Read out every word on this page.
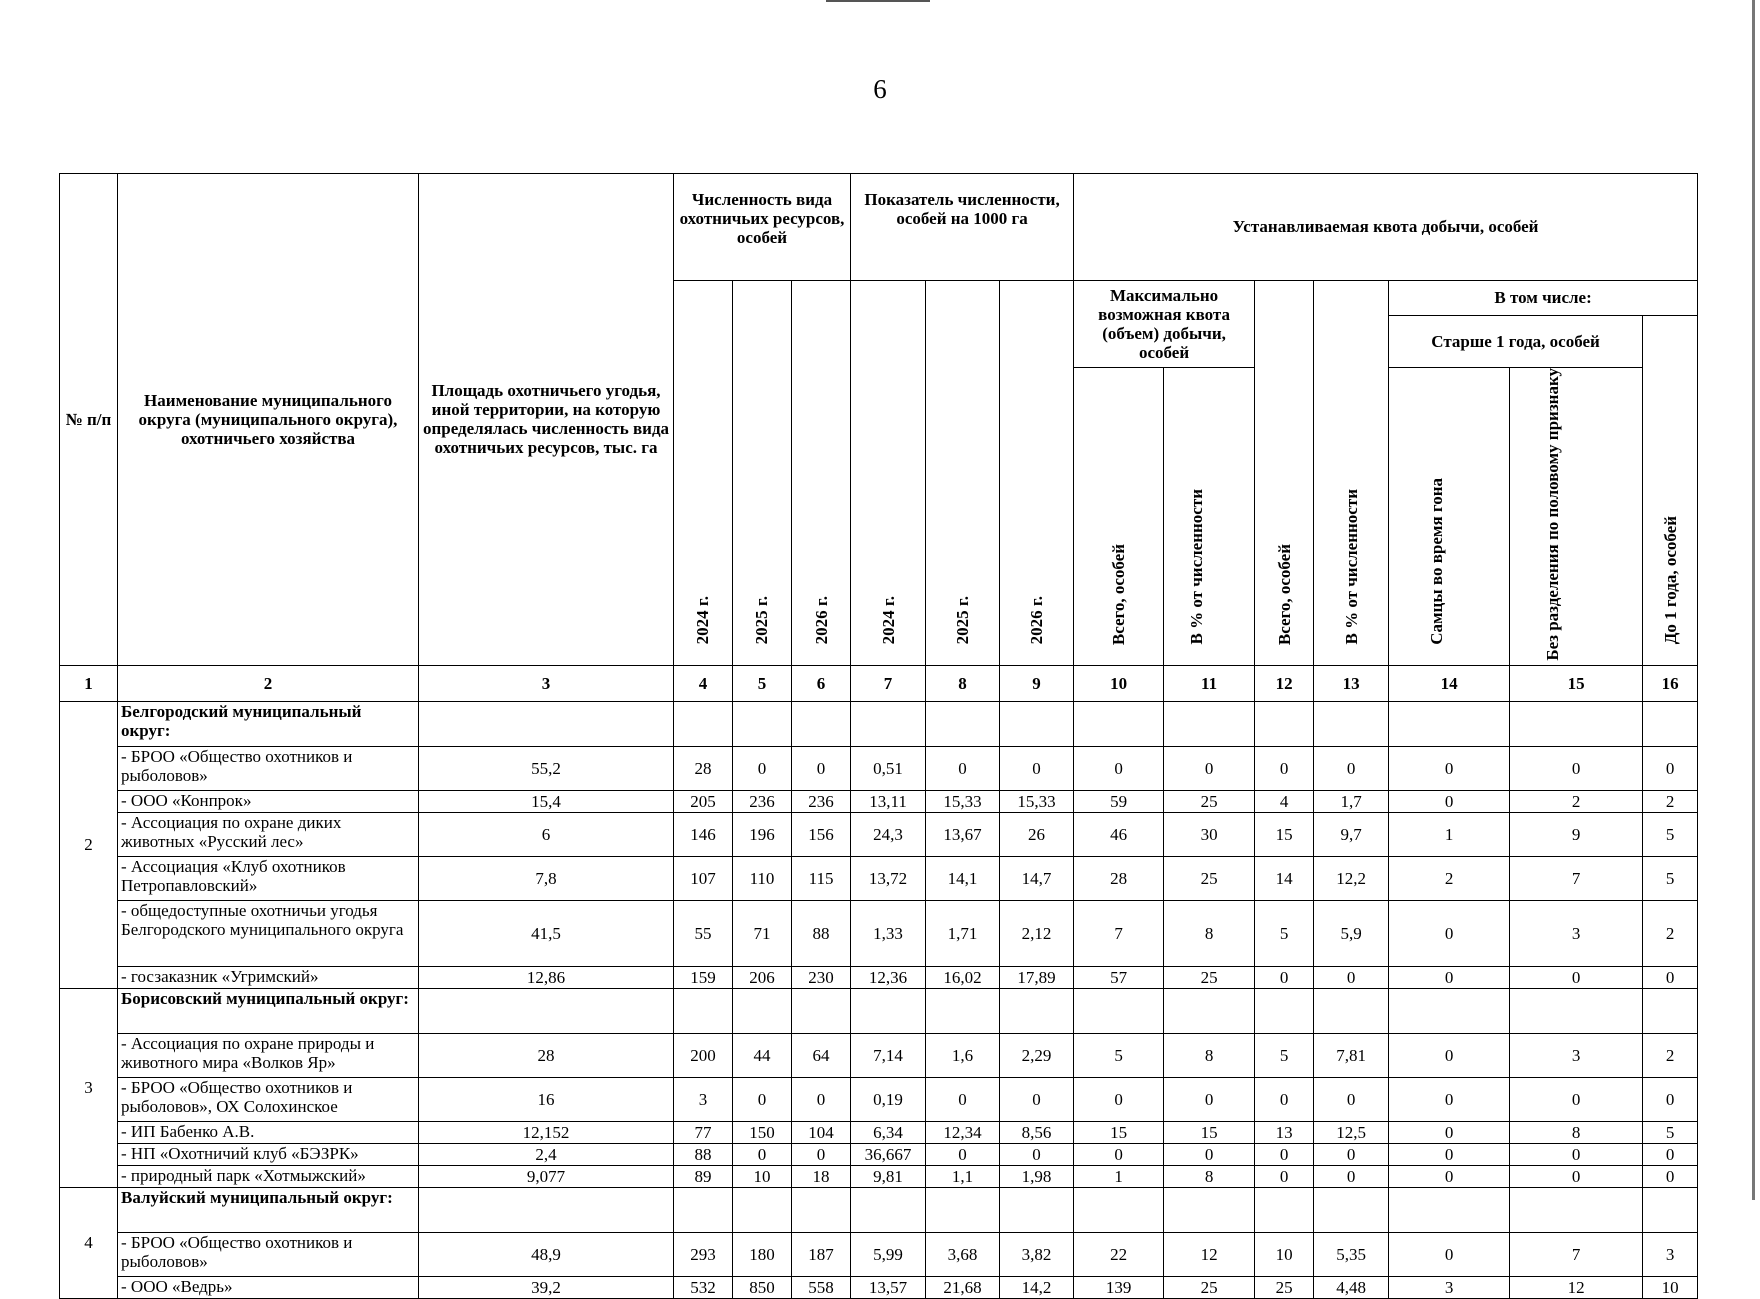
6
№ п/п	Наименование муниципального округа (муниципального округа), охотничьего хозяйства	Площадь охотничьего угодья, иной территории, на которую определялась численность вида охотничьих ресурсов, тыс. га	Численность вида охотничьих ресурсов, особей			Показатель численности, особей на 1000 га			Устанавливаемая квота добычи, особей						
			2024 г.	2025 г.	2026 г.	2024 г.	2025 г.	2026 г.	Максимально возможная квота (объем) добычи, особей		Всего, особей	В % от численности	В том числе:		
													Старше 1 года, особей		До 1 года, особей
									Всего, особей	В % от численности			Самцы во время гона	Без разделения по половому признаку	
1	2	3	4	5	6	7	8	9	10	11	12	13	14	15	16
2	Белгородский муниципальный округ:														
	- БРОО «Общество охотников и рыболовов»	55,2	28	0	0	0,51	0	0	0	0	0	0	0	0	0
	- ООО «Конпрок»	15,4	205	236	236	13,11	15,33	15,33	59	25	4	1,7	0	2	2
	- Ассоциация по охране диких животных «Русский лес»	6	146	196	156	24,3	13,67	26	46	30	15	9,7	1	9	5
	- Ассоциация «Клуб охотников Петропавловский»	7,8	107	110	115	13,72	14,1	14,7	28	25	14	12,2	2	7	5
	- общедоступные охотничьи угодья Белгородского муниципального округа	41,5	55	71	88	1,33	1,71	2,12	7	8	5	5,9	0	3	2
	- госзаказник «Угримский»	12,86	159	206	230	12,36	16,02	17,89	57	25	0	0	0	0	0
3	Борисовский муниципальный округ:														
	- Ассоциация по охране природы и животного мира «Волков Яр»	28	200	44	64	7,14	1,6	2,29	5	8	5	7,81	0	3	2
	- БРОО «Общество охотников и рыболовов», ОХ Солохинское	16	3	0	0	0,19	0	0	0	0	0	0	0	0	0
	- ИП Бабенко А.В.	12,152	77	150	104	6,34	12,34	8,56	15	15	13	12,5	0	8	5
	- НП «Охотничий клуб «БЭЗРК»	2,4	88	0	0	36,667	0	0	0	0	0	0	0	0	0
	- природный парк «Хотмыжский»	9,077	89	10	18	9,81	1,1	1,98	1	8	0	0	0	0	0
4	Валуйский муниципальный округ:														
	- БРОО «Общество охотников и рыболовов»	48,9	293	180	187	5,99	3,68	3,82	22	12	10	5,35	0	7	3
	- ООО «Ведрь»	39,2	532	850	558	13,57	21,68	14,2	139	25	25	4,48	3	12	10
